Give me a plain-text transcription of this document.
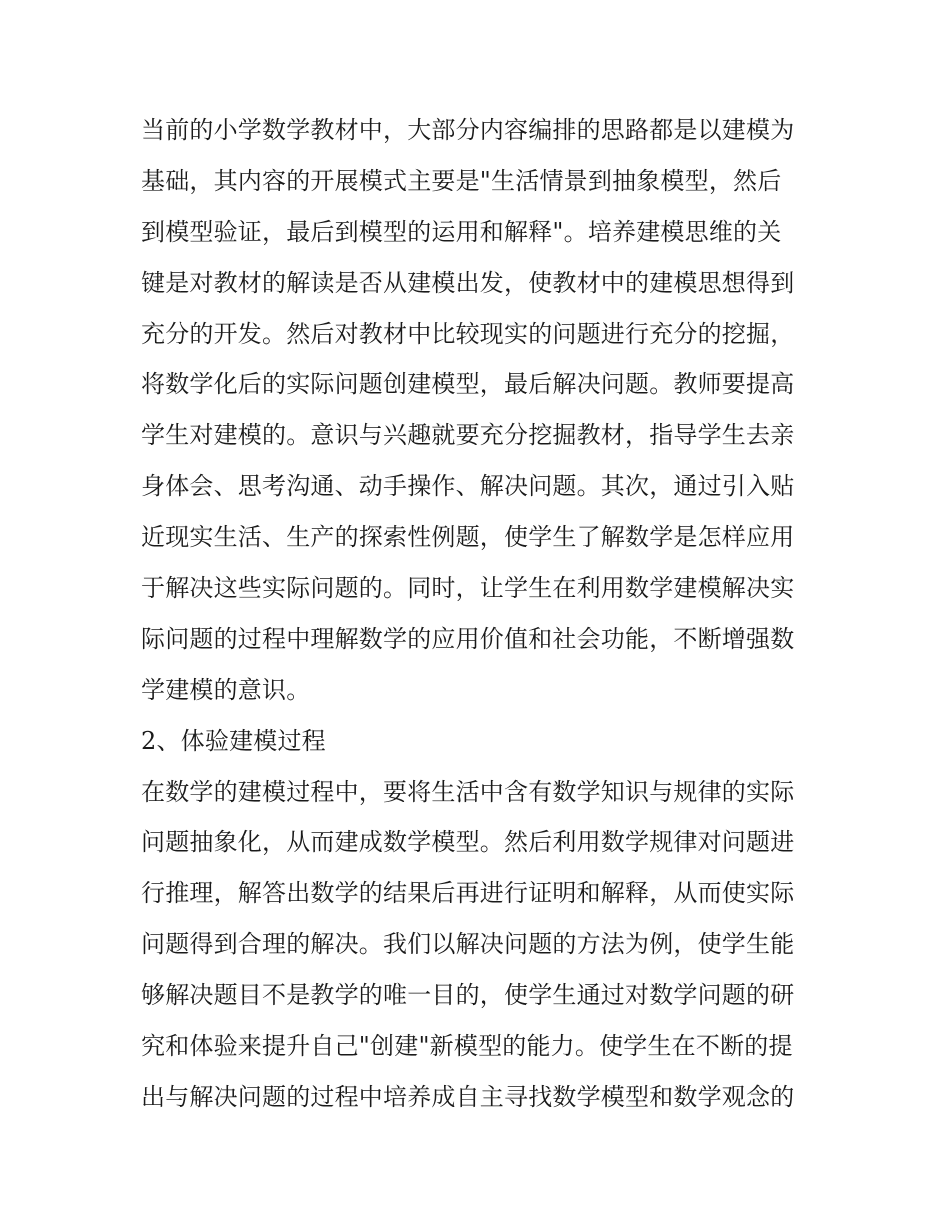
当前的小学数学教材中，大部分内容编排的思路都是以建模为
基础，其内容的开展模式主要是"生活情景到抽象模型，然后
到模型验证，最后到模型的运用和解释"。培养建模思维的关
键是对教材的解读是否从建模出发，使教材中的建模思想得到
充分的开发。然后对教材中比较现实的问题进行充分的挖掘，
将数学化后的实际问题创建模型，最后解决问题。教师要提高
学生对建模的。意识与兴趣就要充分挖掘教材，指导学生去亲
身体会、思考沟通、动手操作、解决问题。其次，通过引入贴
近现实生活、生产的探索性例题，使学生了解数学是怎样应用
于解决这些实际问题的。同时，让学生在利用数学建模解决实
际问题的过程中理解数学的应用价值和社会功能，不断增强数
学建模的意识。
2、体验建模过程
在数学的建模过程中，要将生活中含有数学知识与规律的实际
问题抽象化，从而建成数学模型。然后利用数学规律对问题进
行推理，解答出数学的结果后再进行证明和解释，从而使实际
问题得到合理的解决。我们以解决问题的方法为例，使学生能
够解决题目不是教学的唯一目的，使学生通过对数学问题的研
究和体验来提升自己"创建"新模型的能力。使学生在不断的提
出与解决问题的过程中培养成自主寻找数学模型和数学观念的
